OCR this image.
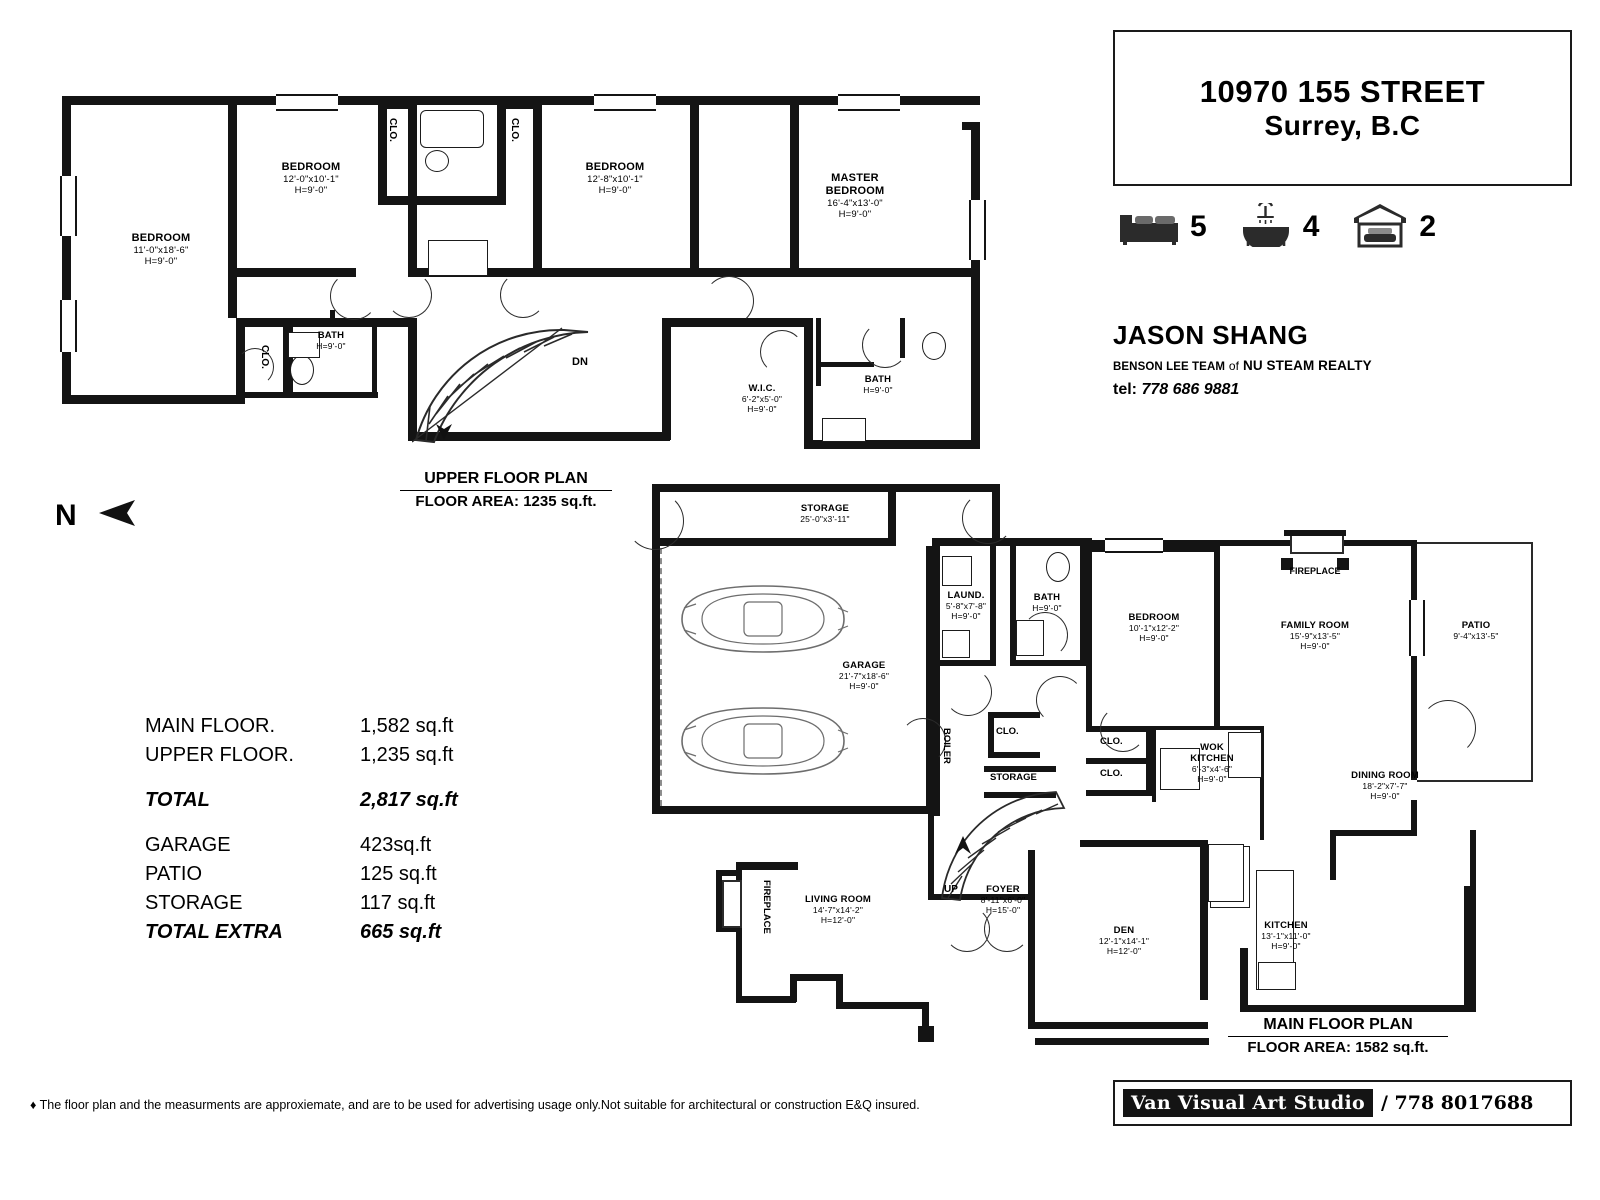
10970 155 STREET
Surrey, B.C
5	4	2
JASON SHANG
BENSON LEE TEAM of NU STEAM REALTY
tel: 778 686 9881
Van Visual Art Studio / 778 8017688
N
MAIN FLOOR.	1,582 sq.ft
UPPER FLOOR.	1,235 sq.ft
TOTAL	2,817 sq.ft
GARAGE	423sq.ft
PATIO	125 sq.ft
STORAGE	117 sq.ft
TOTAL EXTRA	665 sq.ft
♦ The floor plan and the measurments are approxiemate, and are to be used for advertising usage only.Not suitable for architectural or construction E&Q insured.
BEDROOM
11'-0"x18'-6"
H=9'-0"
BEDROOM
12'-0"x10'-1"
H=9'-0"
BEDROOM
12'-8"x10'-1"
H=9'-0"
MASTER
BEDROOM
16'-4"x13'-0"
H=9'-0"
BATH
H=9'-0"
BATH
H=9'-0"
W.I.C.
6'-2"x5'-0"
H=9'-0"
CLO.	CLO.
CLO.	DN
UPPER FLOOR PLAN
FLOOR AREA: 1235 sq.ft.	STORAGE
25'-0"x3'-11"
GARAGE
21'-7"x18'-6"
H=9'-0"
LAUND.
5'-8"x7'-8"
H=9'-0"
BATH
H=9'-0"
BEDROOM
10'-1"x12'-2"
H=9'-0"
FAMILY ROOM
15'-9"x13'-5"
H=9'-0"
PATIO
9'-4"x13'-5"
FIREPLACE
DINING ROOM
18'-2"x7'-7"
H=9'-0"
WOK
KITCHEN
6'-3"x4'-6"
H=9'-0"
KITCHEN
13'-1"x11'-0"
H=9'-0"
DEN
12'-1"x14'-1"
H=12'-0"
LIVING ROOM
14'-7"x14'-2"
H=12'-0"
FOYER
8'-11"x6'-0"
H=15'-0"
UP
BOILER
FIREPLACE
CLO.
CLO.
CLO.
STORAGE
MAIN FLOOR PLAN
FLOOR AREA: 1582 sq.ft.
